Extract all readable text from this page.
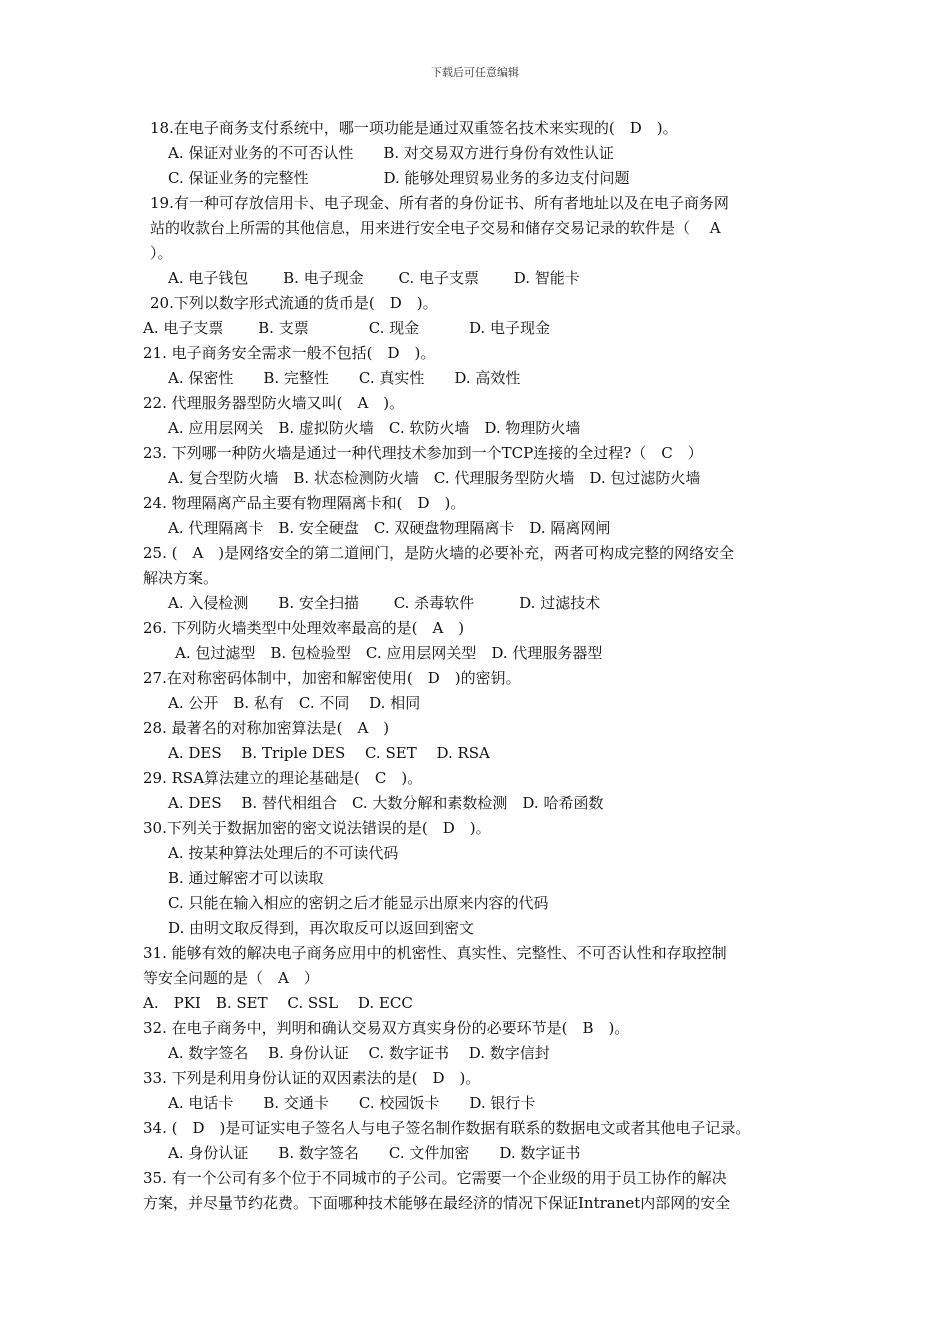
下载后可任意编辑
18.在电子商务支付系统中，哪一项功能是通过双重签名技术来实现的(　D　)。
A. 保证对业务的不可否认性　　B. 对交易双方进行身份有效性认证
C. 保证业务的完整性　　　　　D. 能够处理贸易业务的多边支付问题
19.有一种可存放信用卡、电子现金、所有者的身份证书、所有者地址以及在电子商务网
站的收款台上所需的其他信息，用来进行安全电子交易和储存交易记录的软件是（　 A
）。
A. 电子钱包　　 B. 电子现金　　 C. 电子支票　　 D. 智能卡
20.下列以数字形式流通的货币是(　D　)。
A. 电子支票　　 B. 支票　　　　C. 现金　　　 D. 电子现金
21. 电子商务安全需求一般不包括(　D　)。
A. 保密性　　B. 完整性　　C. 真实性　　D. 高效性
22. 代理服务器型防火墙又叫(　A　)。
A. 应用层网关　B. 虚拟防火墙　C. 软防火墙　D. 物理防火墙
23. 下列哪一种防火墙是通过一种代理技术参加到一个TCP连接的全过程?（　C　）
A. 复合型防火墙　B. 状态检测防火墙　C. 代理服务型防火墙　D. 包过滤防火墙
24. 物理隔离产品主要有物理隔离卡和(　D　)。
A. 代理隔离卡　B. 安全硬盘　C. 双硬盘物理隔离卡　D. 隔离网闸
25. (　A　)是网络安全的第二道闸门，是防火墙的必要补充，两者可构成完整的网络安全
解决方案。
A. 入侵检测　　B. 安全扫描　　 C. 杀毒软件　　　D. 过滤技术
26. 下列防火墙类型中处理效率最高的是(　A　)
A. 包过滤型　B. 包检验型　C. 应用层网关型　D. 代理服务器型
27.在对称密码体制中，加密和解密使用(　D　)的密钥。
A. 公开　B. 私有　C. 不同　 D. 相同
28. 最著名的对称加密算法是(　A　)
A. DES　 B. Triple DES　 C. SET　 D. RSA
29. RSA算法建立的理论基础是(　C　)。
A. DES　 B. 替代相组合　C. 大数分解和素数检测　D. 哈希函数
30.下列关于数据加密的密文说法错误的是(　D　)。
A. 按某种算法处理后的不可读代码
B. 通过解密才可以读取
C. 只能在输入相应的密钥之后才能显示出原来内容的代码
D. 由明文取反得到，再次取反可以返回到密文
31. 能够有效的解决电子商务应用中的机密性、真实性、完整性、不可否认性和存取控制
等安全问题的是（　A　）
A.　PKI　B. SET　 C. SSL　 D. ECC
32. 在电子商务中，判明和确认交易双方真实身份的必要环节是(　B　)。
A. 数字签名　 B. 身份认证　 C. 数字证书　 D. 数字信封
33. 下列是利用身份认证的双因素法的是(　D　)。
A. 电话卡　　B. 交通卡　　C. 校园饭卡　　D. 银行卡
34. (　D　)是可证实电子签名人与电子签名制作数据有联系的数据电文或者其他电子记录。
A. 身份认证　　B. 数字签名　　C. 文件加密　　D. 数字证书
35. 有一个公司有多个位于不同城市的子公司。它需要一个企业级的用于员工协作的解决
方案，并尽量节约花费。下面哪种技术能够在最经济的情况下保证Intranet内部网的安全
